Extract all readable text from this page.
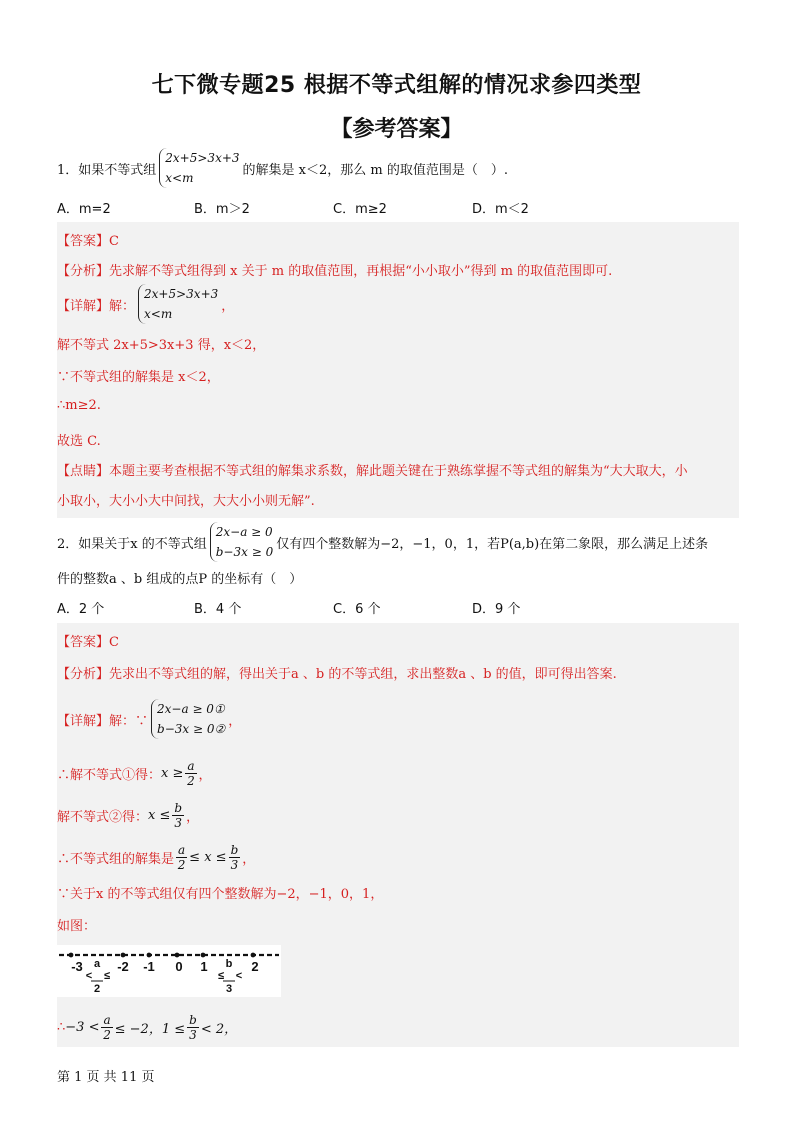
七下微专题25 根据不等式组解的情况求参四类型
【参考答案】
1．如果不等式组
2x+5>3x+3
x<m
的解集是 x＜2，那么 m 的取值范围是（　）.
A．m=2	B．m＞2	C．m≥2	D．m＜2
【答案】C
【分析】先求解不等式组得到 x 关于 m 的取值范围，再根据“小小取小”得到 m 的取值范围即可.
【详解】解：
2x+5>3x+3
x<m
，
解不等式 2x+5>3x+3 得，x＜2，
∵不等式组的解集是 x＜2，
∴m≥2.
故选 C.
【点睛】本题主要考查根据不等式组的解集求系数，解此题关键在于熟练掌握不等式组的解集为“大大取大，小
小取小，大小小大中间找，大大小小则无解”.
2．如果关于x 的不等式组
2x−a ≥ 0
b−3x ≥ 0
仅有四个整数解为−2，−1，0，1，若P(a,b)在第二象限，那么满足上述条
件的整数a 、b 组成的点P 的坐标有（　）
A．2 个	B．4 个	C．6 个	D．9 个
【答案】C
【分析】先求出不等式组的解，得出关于a 、b 的不等式组，求出整数a 、b 的值，即可得出答案.
【详解】解：∵
2x−a ≥ 0①
b−3x ≥ 0②
，
∴解不等式①得： $x \ge \frac{a}{2}$ ，
解不等式②得： $x \le \frac{b}{3}$ ，
∴不等式组的解集是 $\frac{a}{2} \le x \le \frac{b}{3}$ ，
∵关于x 的不等式组仅有四个整数解为−2，−1，0，1，
如图：
-3	-2 -1 0 1	2
a
<
2
≤
b
≤
3
<
∴ $-3 < \frac{a}{2} \le -2$，$1 \le \frac{b}{3} < 2$，
第 1 页 共 11 页
